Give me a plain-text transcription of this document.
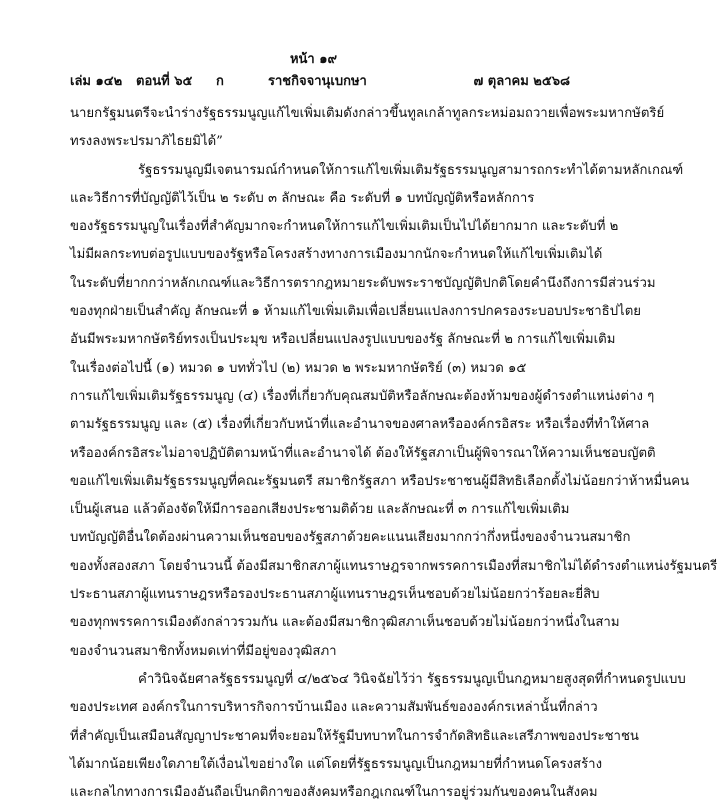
หน้า ๑๙
เล่ม ๑๔๒ ตอนที่ ๖๕ ก	ราชกิจจานุเบกษา	๗ ตุลาคม ๒๕๖๘
นายกรัฐมนตรีจะนำร่างรัฐธรรมนูญแก้ไขเพิ่มเติมดังกล่าวขึ้นทูลเกล้าทูลกระหม่อมถวายเพื่อพระมหากษัตริย์
ทรงลงพระปรมาภิไธยมิได้”
รัฐธรรมนูญมีเจตนารมณ์กำหนดให้การแก้ไขเพิ่มเติมรัฐธรรมนูญสามารถกระทำได้ตามหลักเกณฑ์
และวิธีการที่บัญญัติไว้เป็น ๒ ระดับ ๓ ลักษณะ คือ ระดับที่ ๑ บทบัญญัติหรือหลักการ
ของรัฐธรรมนูญในเรื่องที่สำคัญมากจะกำหนดให้การแก้ไขเพิ่มเติมเป็นไปได้ยากมาก และระดับที่ ๒
ไม่มีผลกระทบต่อรูปแบบของรัฐหรือโครงสร้างทางการเมืองมากนักจะกำหนดให้แก้ไขเพิ่มเติมได้
ในระดับที่ยากกว่าหลักเกณฑ์และวิธีการตรากฎหมายระดับพระราชบัญญัติปกติโดยคำนึงถึงการมีส่วนร่วม
ของทุกฝ่ายเป็นสำคัญ ลักษณะที่ ๑ ห้ามแก้ไขเพิ่มเติมเพื่อเปลี่ยนแปลงการปกครองระบอบประชาธิปไตย
อันมีพระมหากษัตริย์ทรงเป็นประมุข หรือเปลี่ยนแปลงรูปแบบของรัฐ ลักษณะที่ ๒ การแก้ไขเพิ่มเติม
ในเรื่องต่อไปนี้ (๑) หมวด ๑ บททั่วไป (๒) หมวด ๒ พระมหากษัตริย์ (๓) หมวด ๑๕
การแก้ไขเพิ่มเติมรัฐธรรมนูญ (๔) เรื่องที่เกี่ยวกับคุณสมบัติหรือลักษณะต้องห้ามของผู้ดำรงตำแหน่งต่าง ๆ
ตามรัฐธรรมนูญ และ (๕) เรื่องที่เกี่ยวกับหน้าที่และอำนาจของศาลหรือองค์กรอิสระ หรือเรื่องที่ทำให้ศาล
หรือองค์กรอิสระไม่อาจปฏิบัติตามหน้าที่และอำนาจได้ ต้องให้รัฐสภาเป็นผู้พิจารณาให้ความเห็นชอบญัตติ
ขอแก้ไขเพิ่มเติมรัฐธรรมนูญที่คณะรัฐมนตรี สมาชิกรัฐสภา หรือประชาชนผู้มีสิทธิเลือกตั้งไม่น้อยกว่าห้าหมื่นคน
เป็นผู้เสนอ แล้วต้องจัดให้มีการออกเสียงประชามติด้วย และลักษณะที่ ๓ การแก้ไขเพิ่มเติม
บทบัญญัติอื่นใดต้องผ่านความเห็นชอบของรัฐสภาด้วยคะแนนเสียงมากกว่ากึ่งหนึ่งของจำนวนสมาชิก
ของทั้งสองสภา โดยจำนวนนี้ ต้องมีสมาชิกสภาผู้แทนราษฎรจากพรรคการเมืองที่สมาชิกไม่ได้ดำรงตำแหน่งรัฐมนตรี
ประธานสภาผู้แทนราษฎรหรือรองประธานสภาผู้แทนราษฎรเห็นชอบด้วยไม่น้อยกว่าร้อยละยี่สิบ
ของทุกพรรคการเมืองดังกล่าวรวมกัน และต้องมีสมาชิกวุฒิสภาเห็นชอบด้วยไม่น้อยกว่าหนึ่งในสาม
ของจำนวนสมาชิกทั้งหมดเท่าที่มีอยู่ของวุฒิสภา
คำวินิจฉัยศาลรัฐธรรมนูญที่ ๔/๒๕๖๔ วินิจฉัยไว้ว่า รัฐธรรมนูญเป็นกฎหมายสูงสุดที่กำหนดรูปแบบ
ของประเทศ องค์กรในการบริหารกิจการบ้านเมือง และความสัมพันธ์ขององค์กรเหล่านั้นที่กล่าว
ที่สำคัญเป็นเสมือนสัญญาประชาคมที่จะยอมให้รัฐมีบทบาทในการจำกัดสิทธิและเสรีภาพของประชาชน
ได้มากน้อยเพียงใดภายใต้เงื่อนไขอย่างใด แต่โดยที่รัฐธรรมนูญเป็นกฎหมายที่กำหนดโครงสร้าง
และกลไกทางการเมืองอันถือเป็นกติกาของสังคมหรือกฎเกณฑ์ในการอยู่ร่วมกันของคนในสังคม
